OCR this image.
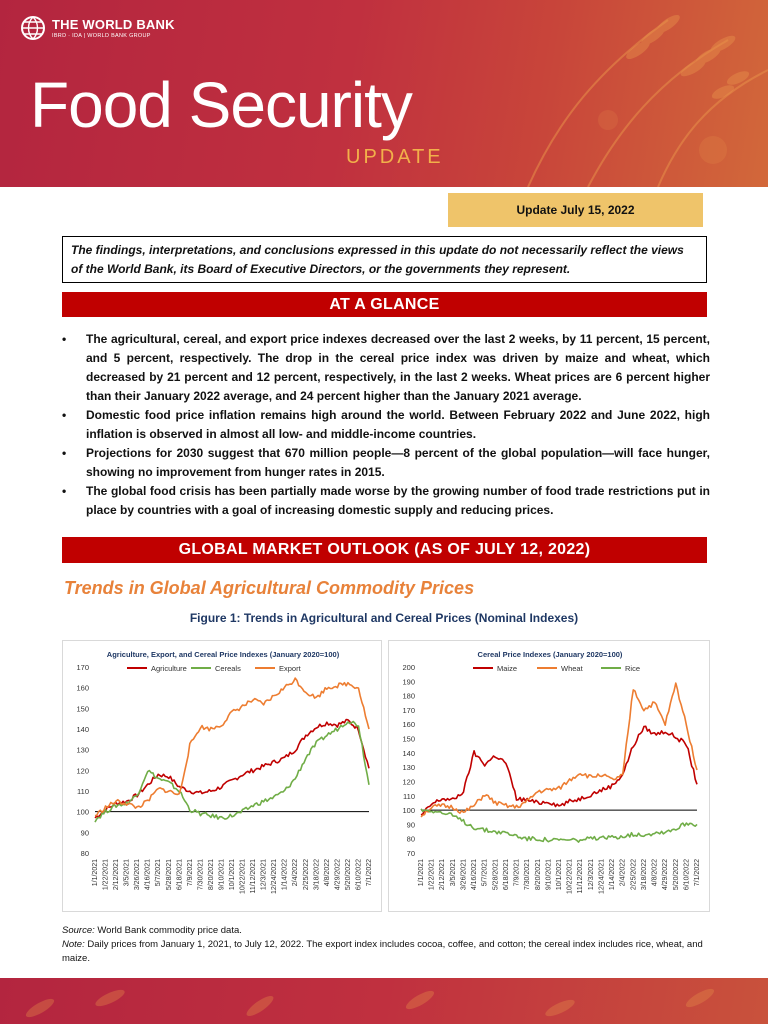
THE WORLD BANK
IBRD · IDA | WORLD BANK GROUP
Food Security
UPDATE
Update July 15, 2022
The findings, interpretations, and conclusions expressed in this update do not necessarily reflect the views of the World Bank, its Board of Executive Directors, or the governments they represent.
AT A GLANCE
• The agricultural, cereal, and export price indexes decreased over the last 2 weeks, by 11 percent, 15 percent, and 5 percent, respectively. The drop in the cereal price index was driven by maize and wheat, which decreased by 21 percent and 12 percent, respectively, in the last 2 weeks. Wheat prices are 6 percent higher than their January 2022 average, and 24 percent higher than the January 2021 average.
• Domestic food price inflation remains high around the world. Between February 2022 and June 2022, high inflation is observed in almost all low- and middle-income countries.
• Projections for 2030 suggest that 670 million people—8 percent of the global population—will face hunger, showing no improvement from hunger rates in 2015.
• The global food crisis has been partially made worse by the growing number of food trade restrictions put in place by countries with a goal of increasing domestic supply and reducing prices.
GLOBAL MARKET OUTLOOK (AS OF JULY 12, 2022)
Trends in Global Agricultural Commodity Prices
Figure 1: Trends in Agricultural and Cereal Prices (Nominal Indexes)
Agriculture, Export, and Cereal Price Indexes (January 2020=100)
Agriculture	Cereals	Export
80
90
100
110
120
130
140
150
160
170
1/1/2021 1/22/2021 2/12/2021 3/5/2021 3/26/2021 4/16/2021 5/7/2021 5/28/2021 6/18/2021 7/9/2021 7/30/2021 8/20/2021 9/10/2021 10/1/2021 10/22/2021 11/12/2021 12/3/2021 12/24/2021 1/14/2022 2/4/2022 2/25/2022 3/18/2022 4/8/2022 4/29/2022 5/20/2022 6/10/2022 7/1/2022
Cereal Price Indexes (January 2020=100)
Maize	Wheat	Rice
70
80
90
100
110
120
130
140
150
160
170
180
190
200
1/1/2021 1/22/2021 2/12/2021 3/5/2021 3/26/2021 4/16/2021 5/7/2021 5/28/2021 6/18/2021 7/9/2021 7/30/2021 8/20/2021 9/10/2021 10/1/2021 10/22/2021 11/12/2021 12/3/2021 12/24/2021 1/14/2022 2/4/2022 2/25/2022 3/18/2022 4/8/2022 4/29/2022 5/20/2022 6/10/2022 7/1/2022
Source: World Bank commodity price data.
Note: Daily prices from January 1, 2021, to July 12, 2022. The export index includes cocoa, coffee, and cotton; the cereal index includes rice, wheat, and maize.
